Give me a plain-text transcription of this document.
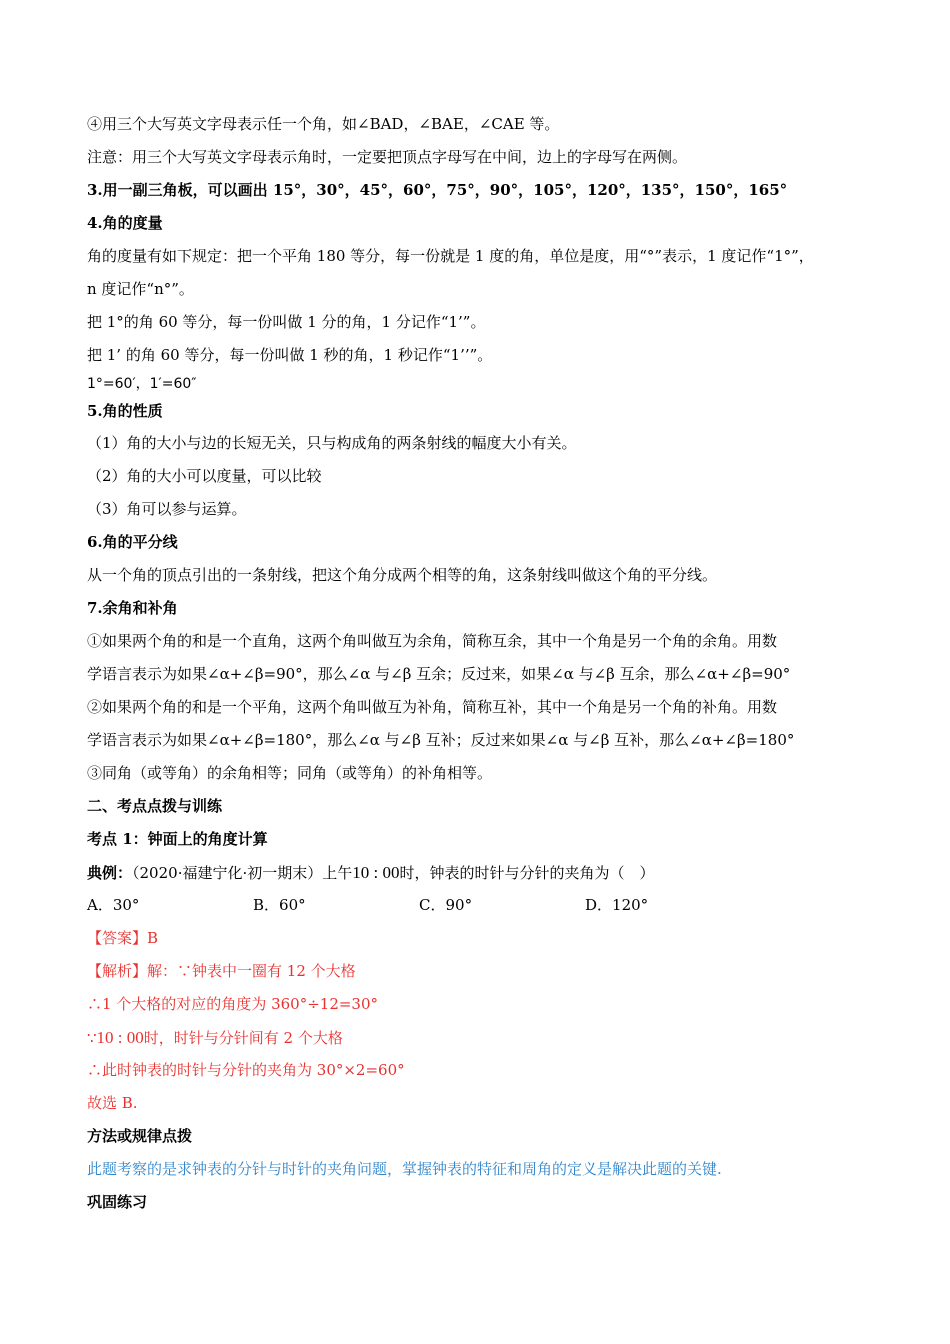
④用三个大写英文字母表示任一个角，如∠BAD，∠BAE，∠CAE 等。
注意：用三个大写英文字母表示角时，一定要把顶点字母写在中间，边上的字母写在两侧。
3.用一副三角板，可以画出 15°，30°，45°，60°，75°，90°，105°，120°，135°，150°，165°
4.角的度量
角的度量有如下规定：把一个平角 180 等分，每一份就是 1 度的角，单位是度，用“°”表示，1 度记作“1°”，
n 度记作“n°”。
把 1°的角 60 等分，每一份叫做 1 分的角，1 分记作“1’”。
把 1’ 的角 60 等分，每一份叫做 1 秒的角，1 秒记作“1’’”。
1°=60′，1′=60″
5.角的性质
（1）角的大小与边的长短无关，只与构成角的两条射线的幅度大小有关。
（2）角的大小可以度量，可以比较
（3）角可以参与运算。
6.角的平分线
从一个角的顶点引出的一条射线，把这个角分成两个相等的角，这条射线叫做这个角的平分线。
7.余角和补角
①如果两个角的和是一个直角，这两个角叫做互为余角，简称互余，其中一个角是另一个角的余角。用数
学语言表示为如果∠α+∠β=90°，那么∠α 与∠β 互余；反过来，如果∠α 与∠β 互余，那么∠α+∠β=90°
②如果两个角的和是一个平角，这两个角叫做互为补角，简称互补，其中一个角是另一个角的补角。用数
学语言表示为如果∠α+∠β=180°，那么∠α 与∠β 互补；反过来如果∠α 与∠β 互补，那么∠α+∠β=180°
③同角（或等角）的余角相等；同角（或等角）的补角相等。
二、考点点拨与训练
考点 1：钟面上的角度计算
典例：（2020·福建宁化·初一期末）上午10 : 00时，钟表的时针与分针的夹角为（　）
A．30°	B．60°	C．90°	D．120°
【答案】B
【解析】解：∵钟表中一圈有 12 个大格
∴1 个大格的对应的角度为 360°÷12=30°
∵10 : 00时，时针与分针间有 2 个大格
∴此时钟表的时针与分针的夹角为 30°×2=60°
故选 B.
方法或规律点拨
此题考察的是求钟表的分针与时针的夹角问题，掌握钟表的特征和周角的定义是解决此题的关键.
巩固练习
